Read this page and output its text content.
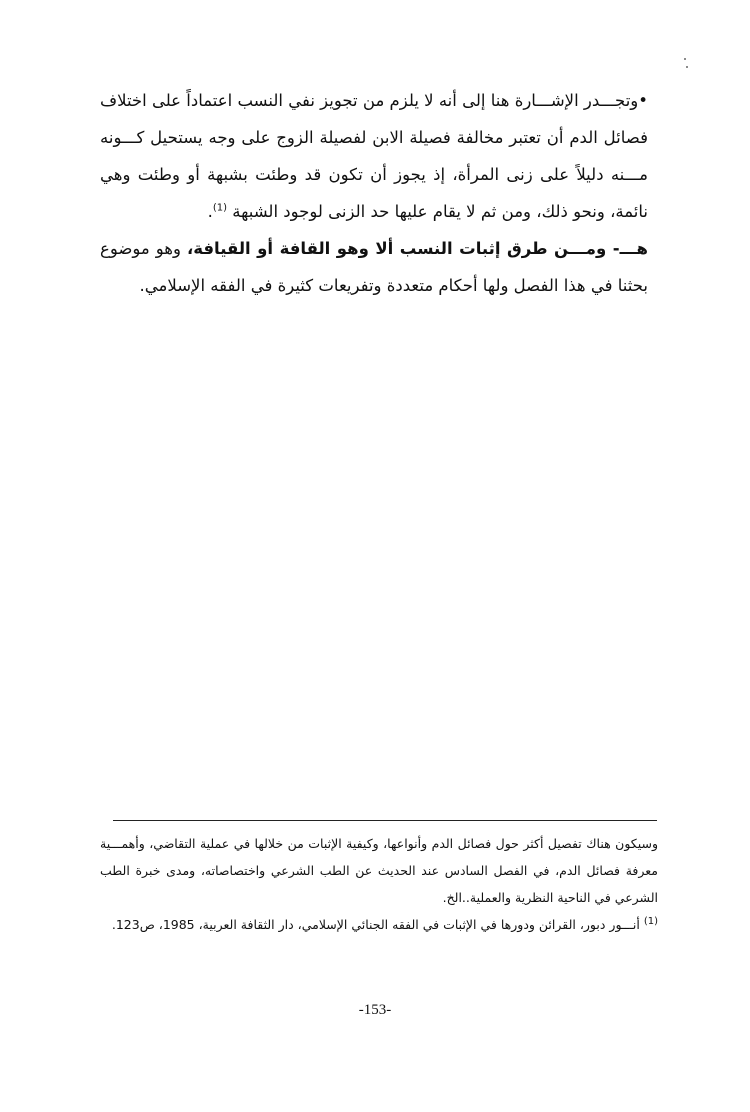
•وتجـــدر الإشـــارة هنا إلى أنه لا يلزم من تجويز نفي النسب اعتماداً على اختلاف فصائل الدم أن تعتبر مخالفة فصيلة الابن لفصيلة الزوج على وجه يستحيل كـــونه مـــنه دليلاً على زنى المرأة، إذ يجوز أن تكون قد وطئت بشبهة أو وطئت وهي نائمة، ونحو ذلك، ومن ثم لا يقام عليها حد الزنى لوجود الشبهة $^{(1)}$.

هـــ- ومـــن طرق إثبات النسب ألا وهو القافة أو القيافة، وهو موضوع بحثنا في هذا الفصل ولها أحكام متعددة وتفريعات كثيرة في الفقه الإسلامي.

وسيكون هناك تفصيل أكثر حول فصائل الدم وأنواعها، وكيفية الإثبات من خلالها في عملية التقاضي، وأهمـــية معرفة فصائل الدم، في الفصل السادس عند الحديث عن الطب الشرعي واختصاصاته، ومدى خبرة الطب الشرعي في الناحية النظرية والعملية..الخ.

$^{(1)}$ أنـــور دبور، القرائن ودورها في الإثبات في الفقه الجنائي الإسلامي، دار الثقافة العربية، 1985، ص123.

-153-
